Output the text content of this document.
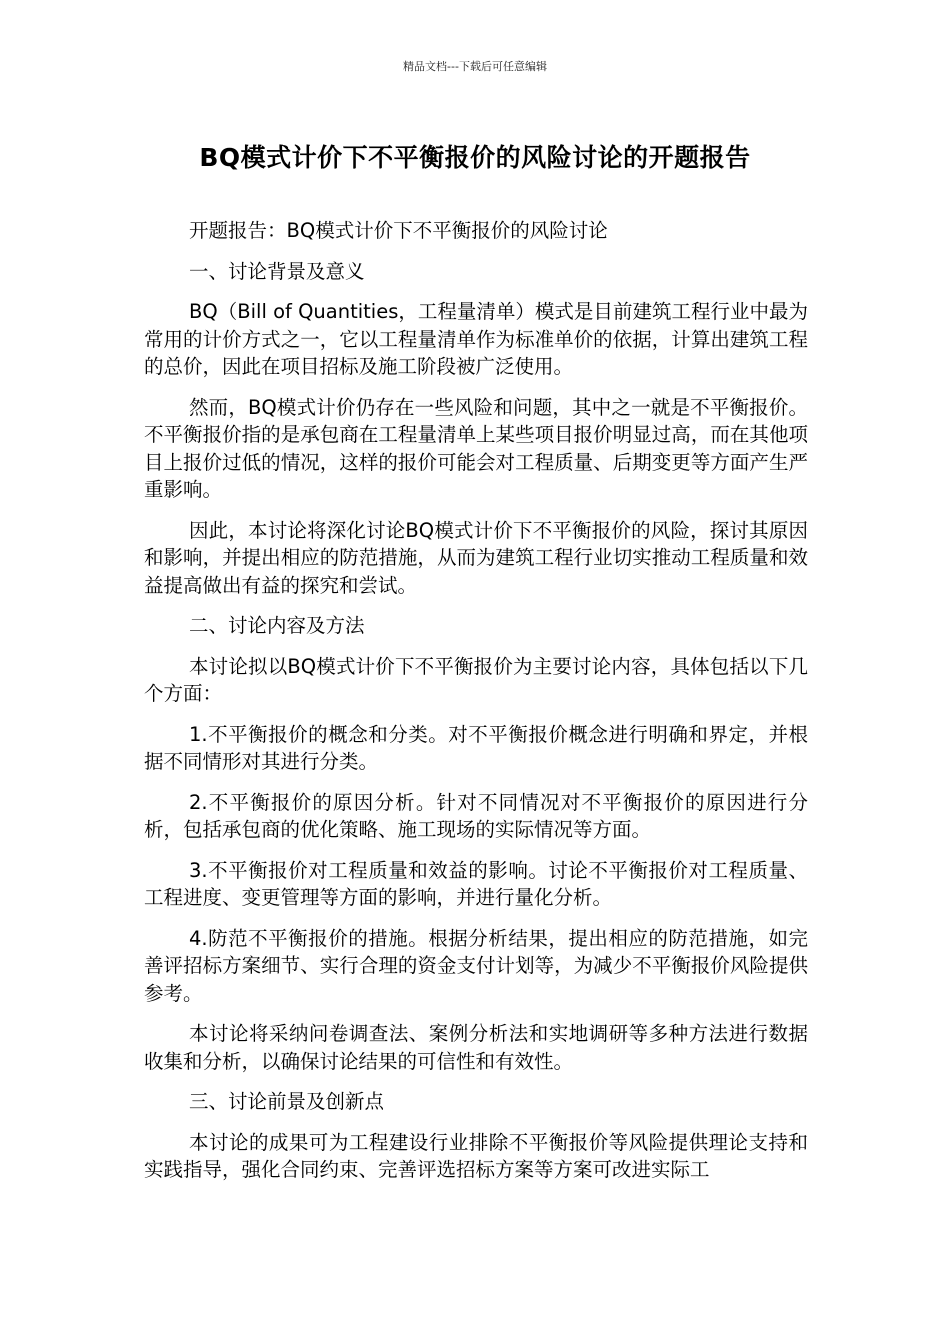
精品文档---下载后可任意编辑
BQ模式计价下不平衡报价的风险讨论的开题报告

开题报告：BQ模式计价下不平衡报价的风险讨论

一、讨论背景及意义

BQ（Bill of Quantities，工程量清单）模式是目前建筑工程行业中最为常用的计价方式之一，它以工程量清单作为标准单价的依据，计算出建筑工程的总价，因此在项目招标及施工阶段被广泛使用。

然而，BQ模式计价仍存在一些风险和问题，其中之一就是不平衡报价。不平衡报价指的是承包商在工程量清单上某些项目报价明显过高，而在其他项目上报价过低的情况，这样的报价可能会对工程质量、后期变更等方面产生严重影响。

因此，本讨论将深化讨论BQ模式计价下不平衡报价的风险，探讨其原因和影响，并提出相应的防范措施，从而为建筑工程行业切实推动工程质量和效益提高做出有益的探究和尝试。

二、讨论内容及方法

本讨论拟以BQ模式计价下不平衡报价为主要讨论内容，具体包括以下几个方面：

1.不平衡报价的概念和分类。对不平衡报价概念进行明确和界定，并根据不同情形对其进行分类。

2.不平衡报价的原因分析。针对不同情况对不平衡报价的原因进行分析，包括承包商的优化策略、施工现场的实际情况等方面。

3.不平衡报价对工程质量和效益的影响。讨论不平衡报价对工程质量、工程进度、变更管理等方面的影响，并进行量化分析。

4.防范不平衡报价的措施。根据分析结果，提出相应的防范措施，如完善评招标方案细节、实行合理的资金支付计划等，为减少不平衡报价风险提供参考。

本讨论将采纳问卷调查法、案例分析法和实地调研等多种方法进行数据收集和分析，以确保讨论结果的可信性和有效性。

三、讨论前景及创新点

本讨论的成果可为工程建设行业排除不平衡报价等风险提供理论支持和实践指导，强化合同约束、完善评选招标方案等方案可改进实际工
